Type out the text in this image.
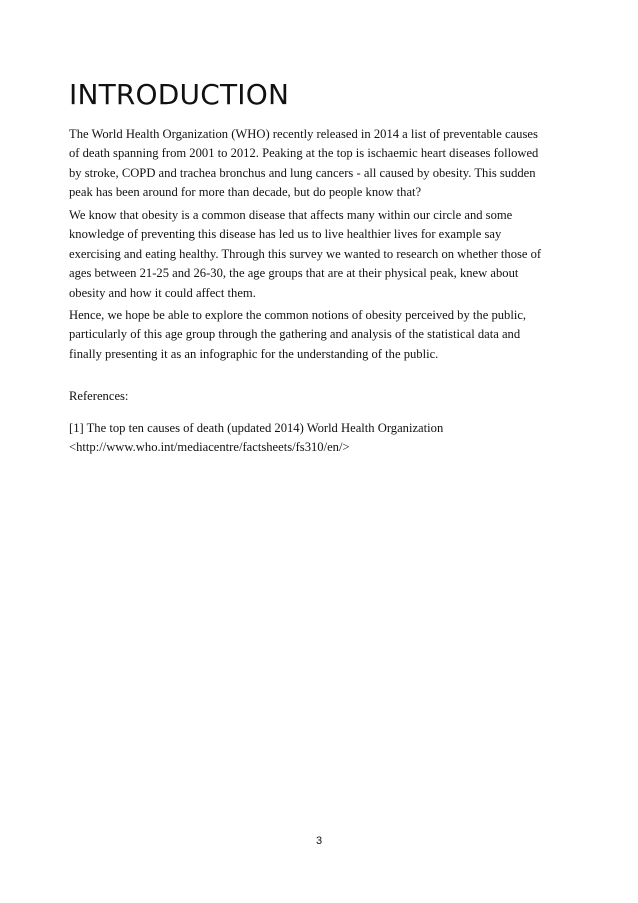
INTRODUCTION

The World Health Organization (WHO) recently released in 2014 a list of preventable causes
of death spanning from 2001 to 2012. Peaking at the top is ischaemic heart diseases followed
by stroke, COPD and trachea bronchus and lung cancers - all caused by obesity. This sudden
peak has been around for more than decade, but do people know that?

We know that obesity is a common disease that affects many within our circle and some
knowledge of preventing this disease has led us to live healthier lives for example say
exercising and eating healthy. Through this survey we wanted to research on whether those of
ages between 21-25 and 26-30, the age groups that are at their physical peak, knew about
obesity and how it could affect them.

Hence, we hope be able to explore the common notions of obesity perceived by the public,
particularly of this age group through the gathering and analysis of the statistical data and
finally presenting it as an infographic for the understanding of the public.

References:

[1] The top ten causes of death (updated 2014) World Health Organization
<http://www.who.int/mediacentre/factsheets/fs310/en/>

3
